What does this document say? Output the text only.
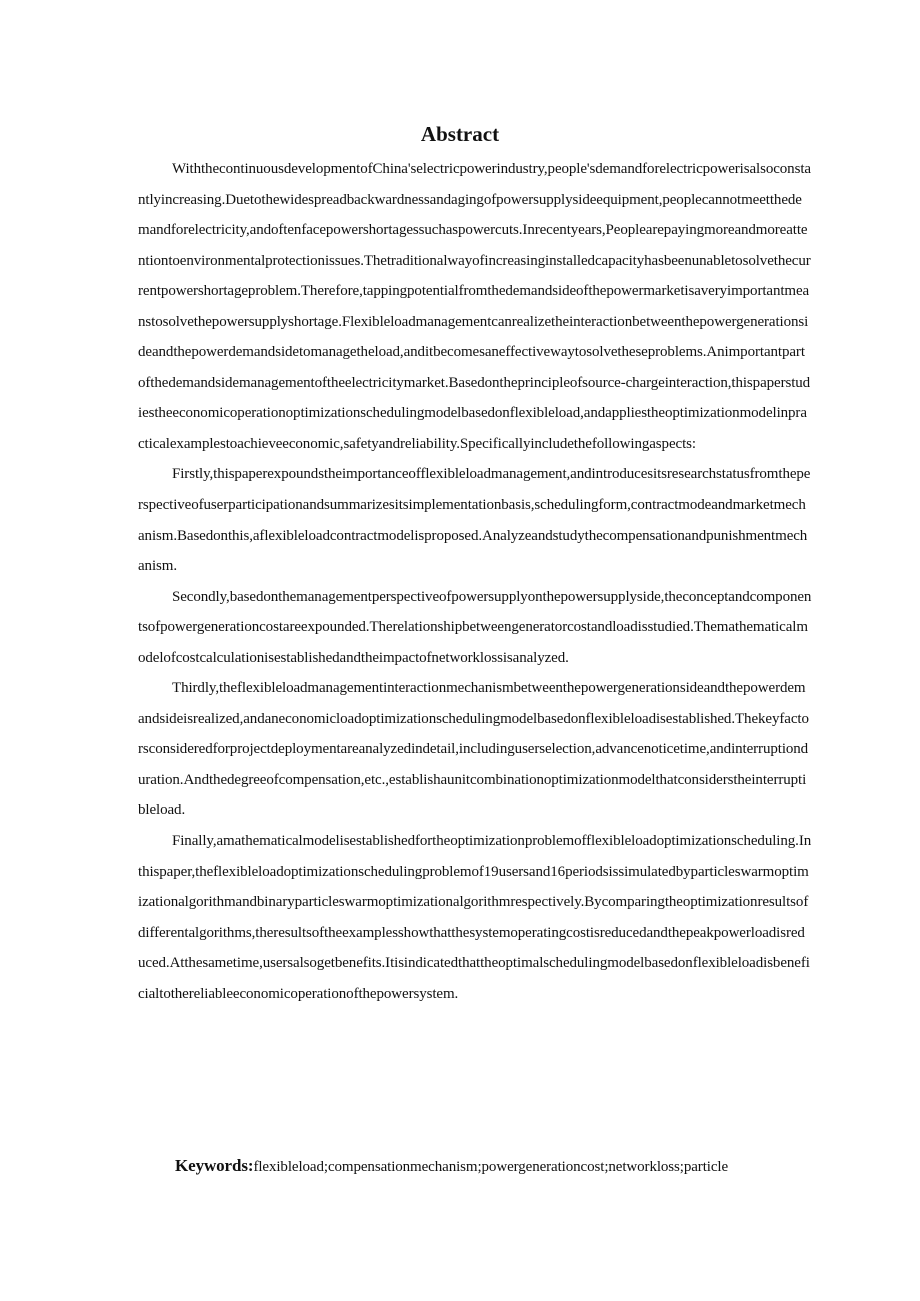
Abstract

WiththecontinuousdevelopmentofChina'selectricpowerindustry,people'sdemandforelectricpowerisalsoconstantlyincreasing.Duetothewidespreadbackwardnessandagingofpowersupplysideequipment,peoplecannotmeetthedemandforelectricity,andoftenfacepowershortagessuchaspowercuts.Inrecentyears,Peoplearepayingmoreandmoreattentiontoenvironmentalprotectionissues.Thetraditionalwayofincreasinginstalledcapacityhasbeenunabletosolvethecurrentpowershortageproblem.Therefore,tappingpotentialfromthedemandsideofthepowermarketisaveryimportantmeanstosolvethepowersupplyshortage.Flexibleloadmanagementcanrealizetheinteractionbetweenthepowergenerationsideandthepowerdemandsidetomanagetheload,anditbecomesaneffectivewaytosolvetheseproblems.Animportantpartofthedemandsidemanagementoftheelectricitymarket.Basedontheprincipleofsource-chargeinteraction,thispaperstudiestheeconomicoperationoptimizationschedulingmodelbasedonflexibleload,andappliestheoptimizationmodelinpracticalexamplestoachieveeconomic,safetyandreliability.Specificallyincludethefollowingaspects:

Firstly,thispaperexpoundstheimportanceofflexibleloadmanagement,andintroducesitsresearchstatusfromtheperspectiveofuserparticipationandsummarizesitsimplementationbasis,schedulingform,contractmodeandmarketmechanism.Basedonthis,aflexibleloadcontractmodelisproposed.Analyzeandstudythecompensationandpunishmentmechanism.

Secondly,basedonthemanagementperspectiveofpowersupplyonthepowersupplyside,theconceptandcomponentsofpowergenerationcostareexpounded.Therelationshipbetweengeneratorcostandloadisstudied.Themathematicalmodelofcostcalculationisestablishedandtheimpactofnetworklossisanalyzed.

Thirdly,theflexibleloadmanagementinteractionmechanismbetweenthepowergenerationsideandthepowerdemandsideisrealized,andaneconomicloadoptimizationschedulingmodelbasedonflexibleloadisestablished.Thekeyfactorsconsideredforprojectdeploymentareanalyzedindetail,includinguserselection,advancenoticetime,andinterruptionduration.Andthedegreeofcompensation,etc.,establishaunitcombinationoptimizationmodelthatconsiderstheinterruptibleload.

Finally,amathematicalmodelisestablishedfortheoptimizationproblemofflexibleloadoptimizationscheduling.Inthispaper,theflexibleloadoptimizationschedulingproblemof19usersand16periodsissimulatedbyparticleswarmoptimizationalgorithmandbinaryparticleswarmoptimizationalgorithmrespectively.Bycomparingtheoptimizationresultsofdifferentalgorithms,theresultsoftheexamplesshowthatthesystemoperatingcostisreducedandthepeakpowerloadisreduced.Atthesametime,usersalsogetbenefits.Itisindicatedthattheoptimalschedulingmodelbasedonflexibleloadisbeneficialtothereliableeconomicoperationofthepowersystem.

Keywords:flexibleload;compensationmechanism;powergenerationcost;networkloss;particle
